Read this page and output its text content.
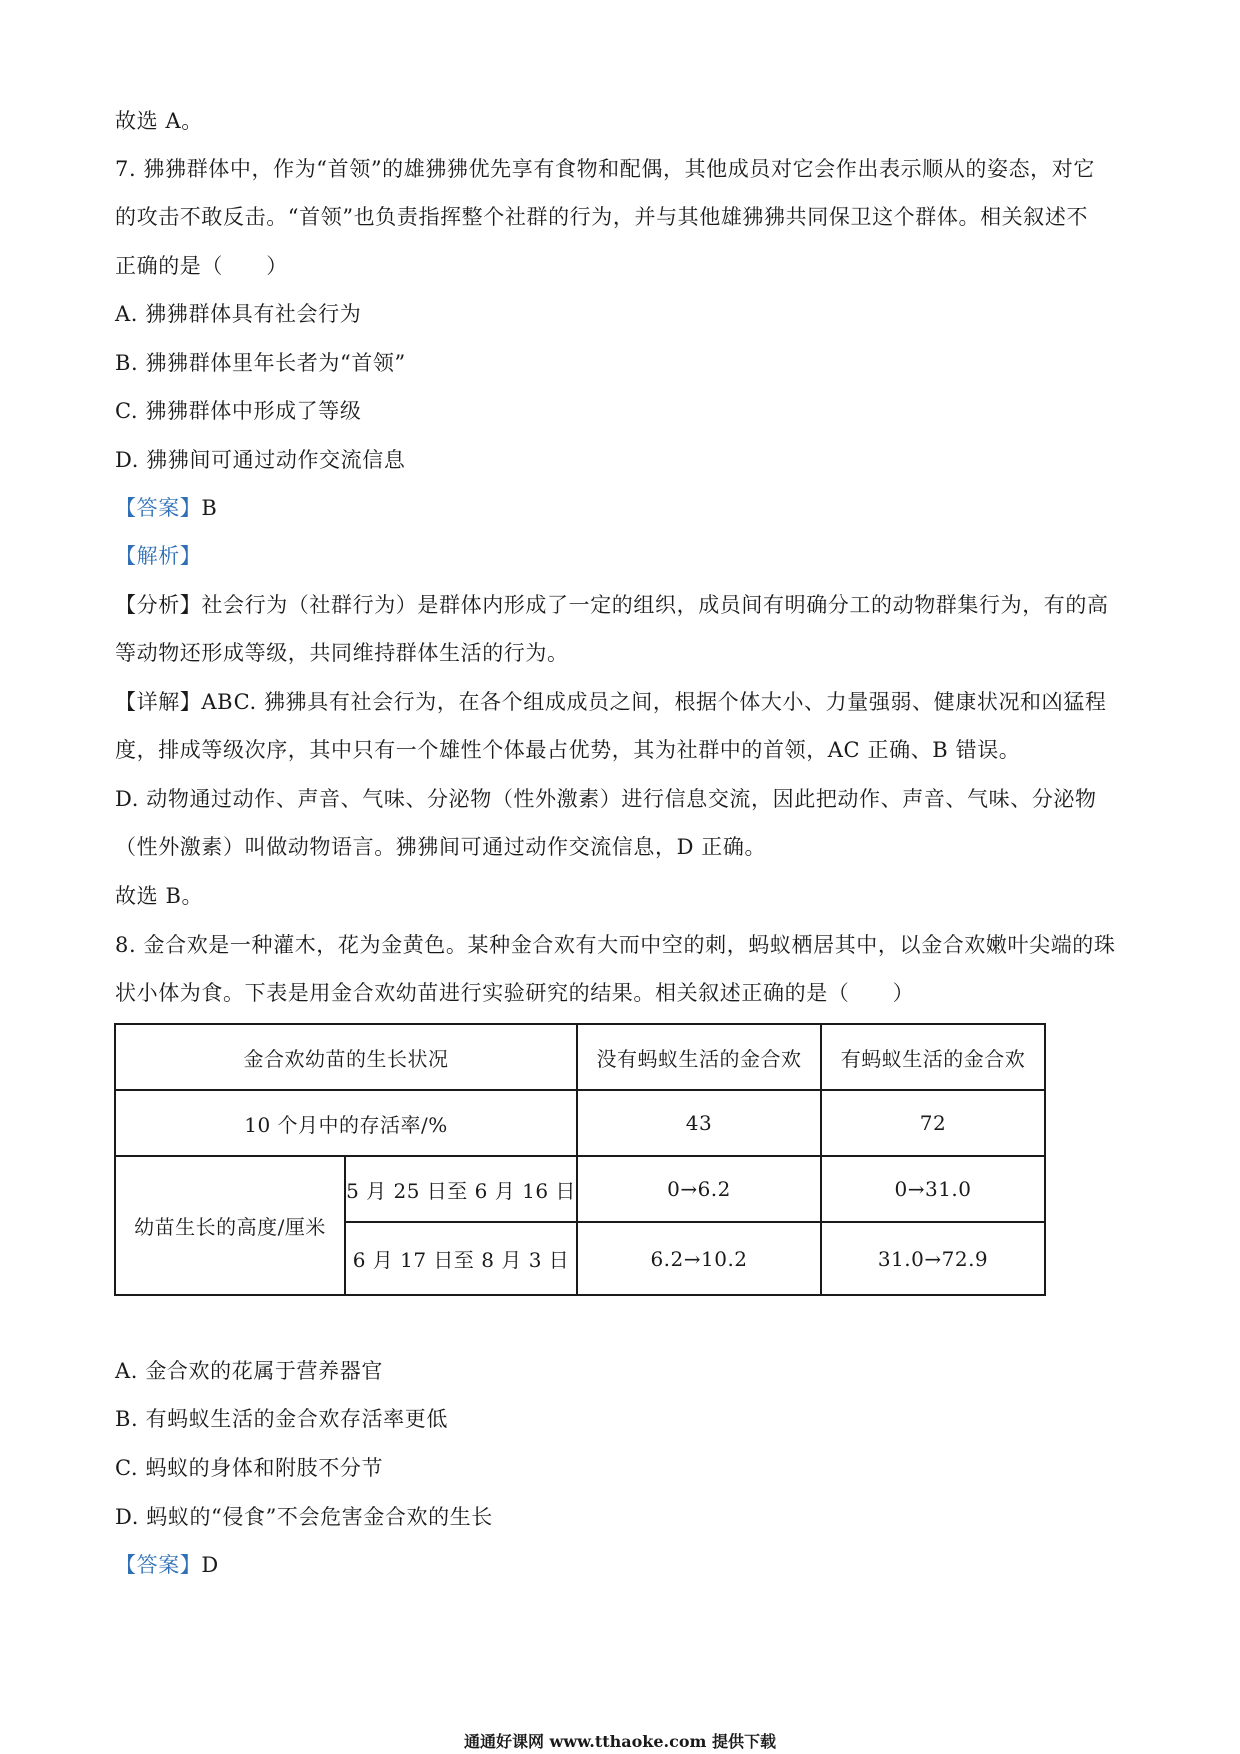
故选 A。
7. 狒狒群体中，作为“首领”的雄狒狒优先享有食物和配偶，其他成员对它会作出表示顺从的姿态，对它
的攻击不敢反击。“首领”也负责指挥整个社群的行为，并与其他雄狒狒共同保卫这个群体。相关叙述不
正确的是（　　）
A. 狒狒群体具有社会行为
B. 狒狒群体里年长者为“首领”
C. 狒狒群体中形成了等级
D. 狒狒间可通过动作交流信息
【答案】B
【解析】
【分析】社会行为（社群行为）是群体内形成了一定的组织，成员间有明确分工的动物群集行为，有的高
等动物还形成等级，共同维持群体生活的行为。
【详解】ABC. 狒狒具有社会行为，在各个组成成员之间，根据个体大小、力量强弱、健康状况和凶猛程
度，排成等级次序，其中只有一个雄性个体最占优势，其为社群中的首领，AC 正确、B 错误。
D. 动物通过动作、声音、气味、分泌物（性外激素）进行信息交流，因此把动作、声音、气味、分泌物
（性外激素）叫做动物语言。狒狒间可通过动作交流信息，D 正确。
故选 B。
8. 金合欢是一种灌木，花为金黄色。某种金合欢有大而中空的刺，蚂蚁栖居其中，以金合欢嫩叶尖端的珠
状小体为食。下表是用金合欢幼苗进行实验研究的结果。相关叙述正确的是（　　）
金合欢幼苗的生长状况		没有蚂蚁生活的金合欢	有蚂蚁生活的金合欢
10 个月中的存活率/%		43	72
幼苗生长的高度/厘米	5 月 25 日至 6 月 16 日	0→6.2	0→31.0
	6 月 17 日至 8 月 3 日	6.2→10.2	31.0→72.9
A. 金合欢的花属于营养器官
B. 有蚂蚁生活的金合欢存活率更低
C. 蚂蚁的身体和附肢不分节
D. 蚂蚁的“侵食”不会危害金合欢的生长
【答案】D
通通好课网 www.tthaoke.com 提供下载
